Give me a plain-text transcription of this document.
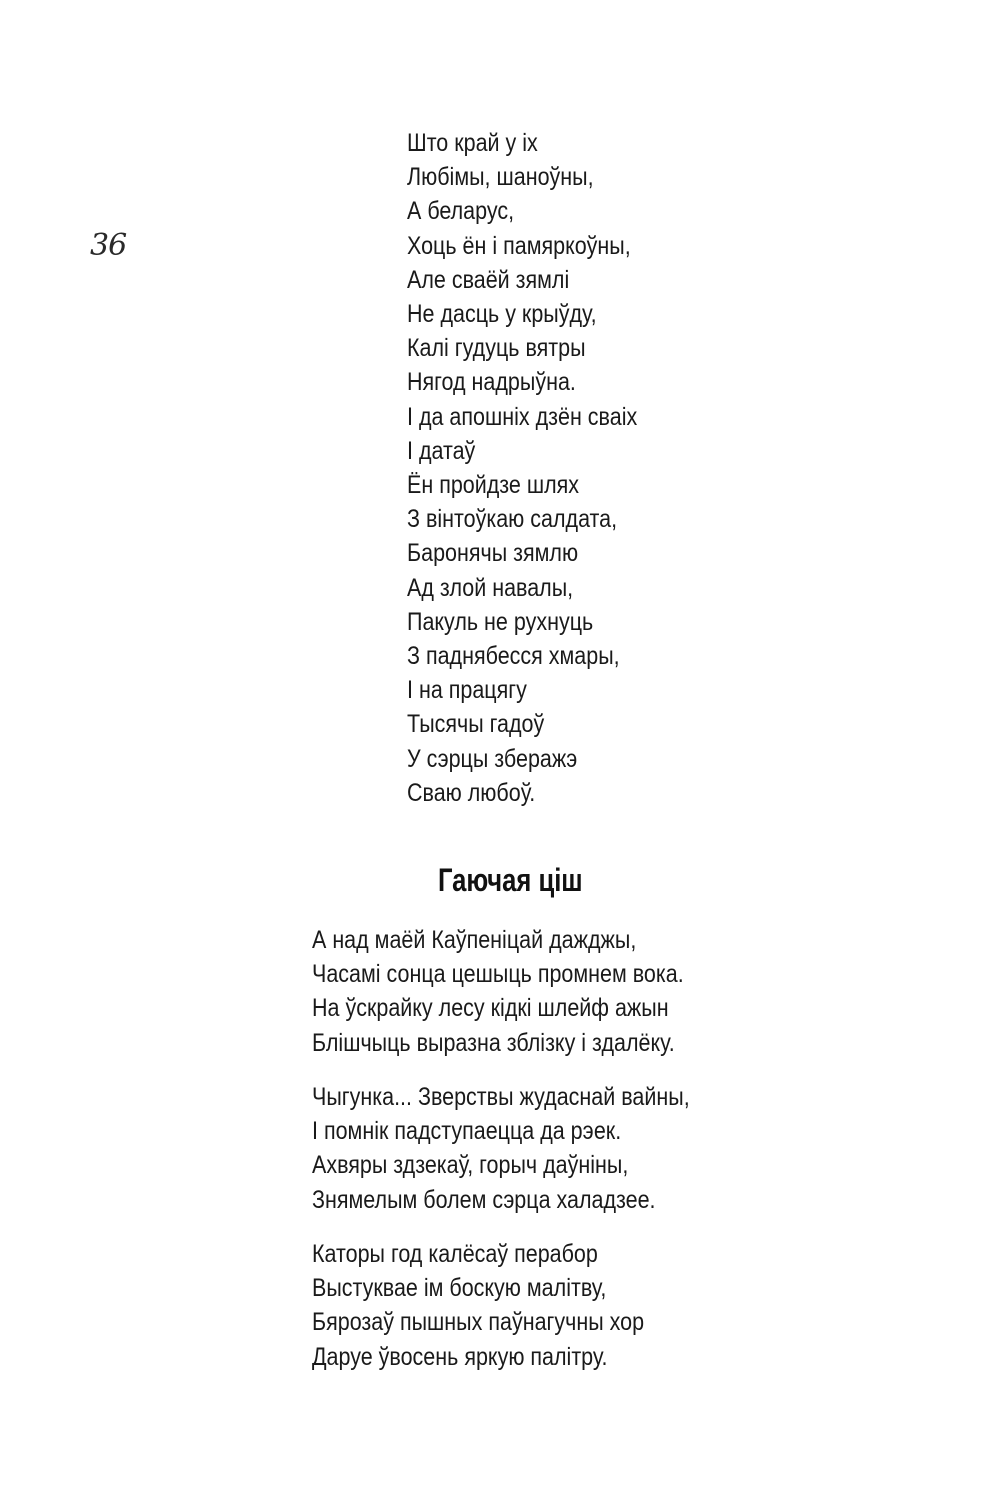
36
Што край у іх
Любімы, шаноўны,
А беларус,
Хоць ён і памяркоўны,
Але сваёй зямлі
Не дасць у крыўду,
Калі гудуць вятры
Нягод надрыўна.
І да апошніх дзён сваіх
І датаў
Ён пройдзе шлях
З вінтоўкаю салдата,
Баронячы зямлю
Ад злой навалы,
Пакуль не рухнуць
З паднябесся хмары,
І на працягу
Тысячы гадоў
У сэрцы зберажэ
Сваю любоў.
Гаючая ціш
А над маёй Каўпеніцай дажджы,
Часамі сонца цешыць промнем вока.
На ўскрайку лесу кідкі шлейф ажын
Блішчыць выразна зблізку і здалёку.
Чыгунка... Зверствы жудаснай вайны,
І помнік падступаецца да рэек.
Ахвяры здзекаў, горыч даўніны,
Знямелым болем сэрца халадзее.
Каторы год калёсаў перабор
Выстуквае ім боскую малітву,
Бярозаў пышных паўнагучны хор
Даруе ўвосень яркую палітру.
